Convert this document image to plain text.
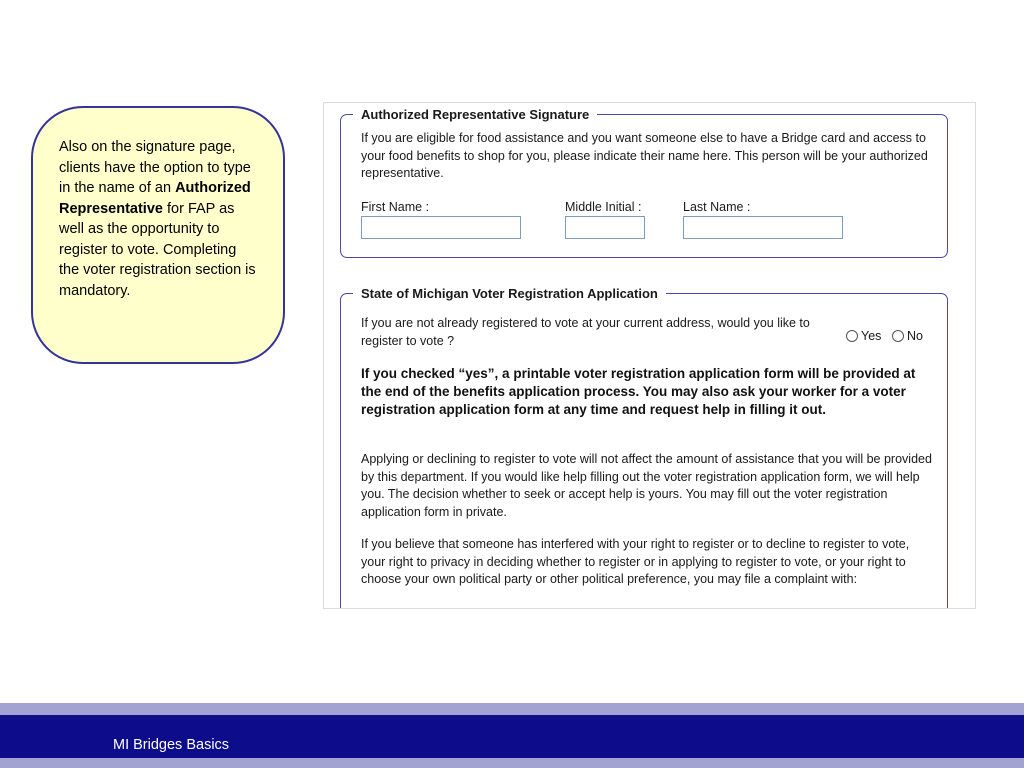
Also on the signature page, clients have the option to type in the name of an Authorized Representative for FAP as well as the opportunity to register to vote. Completing the voter registration section is mandatory.
Authorized Representative Signature
If you are eligible for food assistance and you want someone else to have a Bridge card and access to your food benefits to shop for you, please indicate their name here. This person will be your authorized representative.
First Name :	Middle Initial :	Last Name :
State of Michigan Voter Registration Application
If you are not already registered to vote at your current address, would you like to register to vote ?	Yes No
If you checked “yes”, a printable voter registration application form will be provided at the end of the benefits application process. You may also ask your worker for a voter registration application form at any time and request help in filling it out.
Applying or declining to register to vote will not affect the amount of assistance that you will be provided by this department. If you would like help filling out the voter registration application form, we will help you. The decision whether to seek or accept help is yours. You may fill out the voter registration application form in private.
If you believe that someone has interfered with your right to register or to decline to register to vote, your right to privacy in deciding whether to register or in applying to register to vote, or your right to choose your own political party or other political preference, you may file a complaint with:
MI Bridges Basics
